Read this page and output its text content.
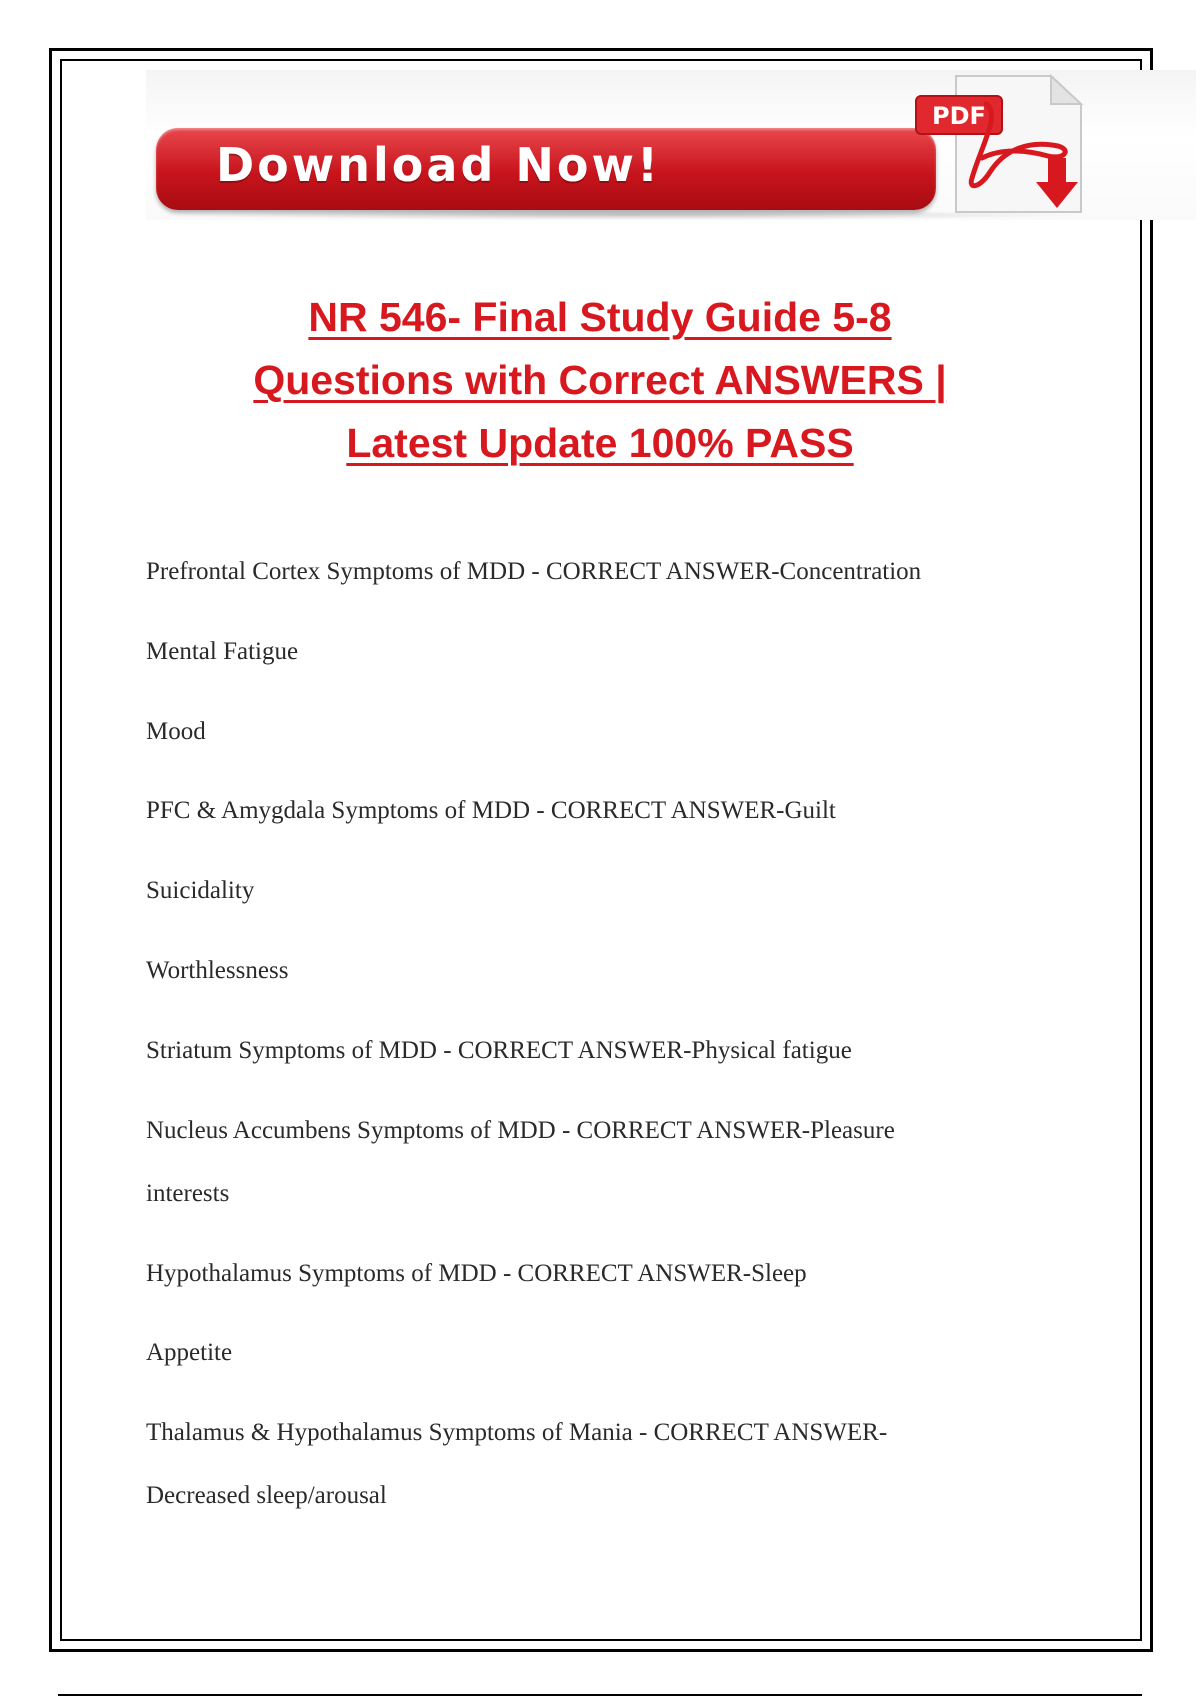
Download Now!
PDF
NR 546- Final Study Guide 5-8
Questions with Correct ANSWERS |
Latest Update 100% PASS
Prefrontal Cortex Symptoms of MDD - CORRECT ANSWER-Concentration
Mental Fatigue
Mood
PFC & Amygdala Symptoms of MDD - CORRECT ANSWER-Guilt
Suicidality
Worthlessness
Striatum Symptoms of MDD - CORRECT ANSWER-Physical fatigue
Nucleus Accumbens Symptoms of MDD - CORRECT ANSWER-Pleasure
interests
Hypothalamus Symptoms of MDD - CORRECT ANSWER-Sleep
Appetite
Thalamus & Hypothalamus Symptoms of Mania - CORRECT ANSWER-
Decreased sleep/arousal
